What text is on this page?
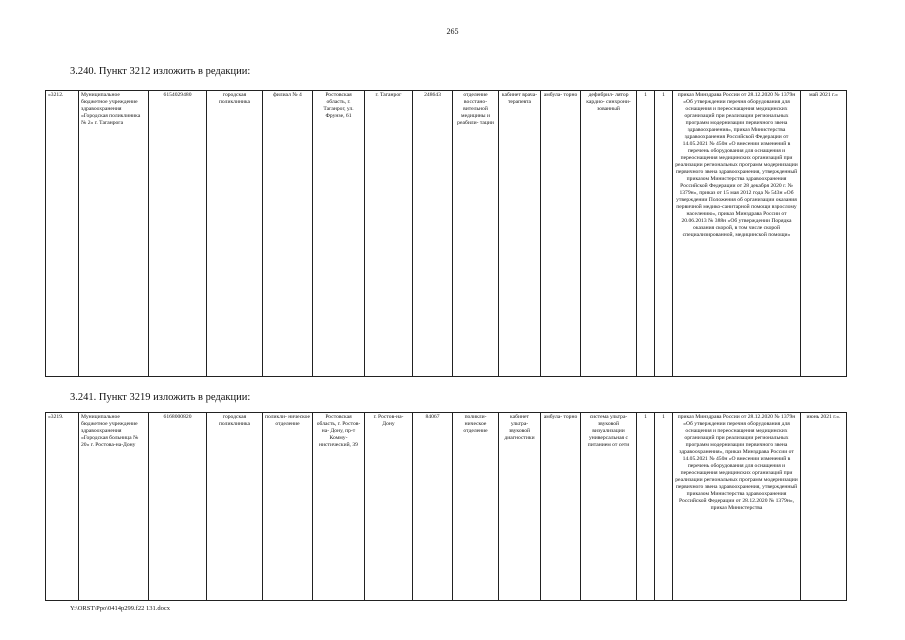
265
3.240. Пункт 3212 изложить в редакции:
«3212.	Муниципальное бюджетное учреждение здравоохранения «Городская поликлиника № 2» г. Таганрога	6154029480	городская поликлиника	филиал № 4	Ростовская область, г. Таганрог, ул. Фрунзе, 61	г. Таганрог	248643	отделение восстано- вительной медицины и реабили- тации	кабинет врача- терапевта	амбула- торно	дефибрил- лятор кардио- синхрони- зованный	1	1	приказ Минздрава России от 28.12.2020 № 1379н «Об утверждении перечня оборудования для оснащения и переоснащения медицинских организаций при реализации региональных программ модернизации первичного звена здравоохранения», приказ Министерства здравоохранения Российской Федерации от 14.05.2021 № 450н «О внесении изменений в перечень оборудования для оснащения и переоснащения медицинских организаций при реализации региональных программ модернизации первичного звена здравоохранения, утвержденный приказом Министерства здравоохранения Российской Федерации от 28 декабря 2020 г. № 1379н», приказ от 15 мая 2012 года № 543н «Об утверждении Положения об организации оказания первичной медико-санитарной помощи взрослому населению», приказ Минздрава России от 20.06.2013 № 388н «Об утверждении Порядка оказания скорой, в том числе скорой специализированной, медицинской помощи»	май 2021 г.»
3.241. Пункт 3219 изложить в редакции:
«3219.	Муниципальное бюджетное учреждение здравоохранения «Городская больница № 20» г. Ростова-на-Дону	6168000820	городская поликлиника	поликли- ническое отделение	Ростовская область, г. Ростов-на- Дону, пр-т Комму- нистический, 39	г. Ростов-на- Дону	84067	поликли- ническое отделение	кабинет ультра- звуковой диагностики	амбула- торно	система ультра- звуковой визуализации универсальная с питанием от сети	1	1	приказ Минздрава России от 28.12.2020 № 1379н «Об утверждении перечня оборудования для оснащения и переоснащения медицинских организаций при реализации региональных программ модернизации первичного звена здравоохранения», приказ Минздрава России от 14.05.2021 № 450н «О внесении изменений в перечень оборудования для оснащения и переоснащения медицинских организаций при реализации региональных программ модернизации первичного звена здравоохранения, утвержденный приказом Министерства здравоохранения Российской Федерации от 28.12.2020 № 1379н», приказ Министерства	июнь 2021 г.».
Y:\ORST\Ppo\0414p299.f22 131.docx
